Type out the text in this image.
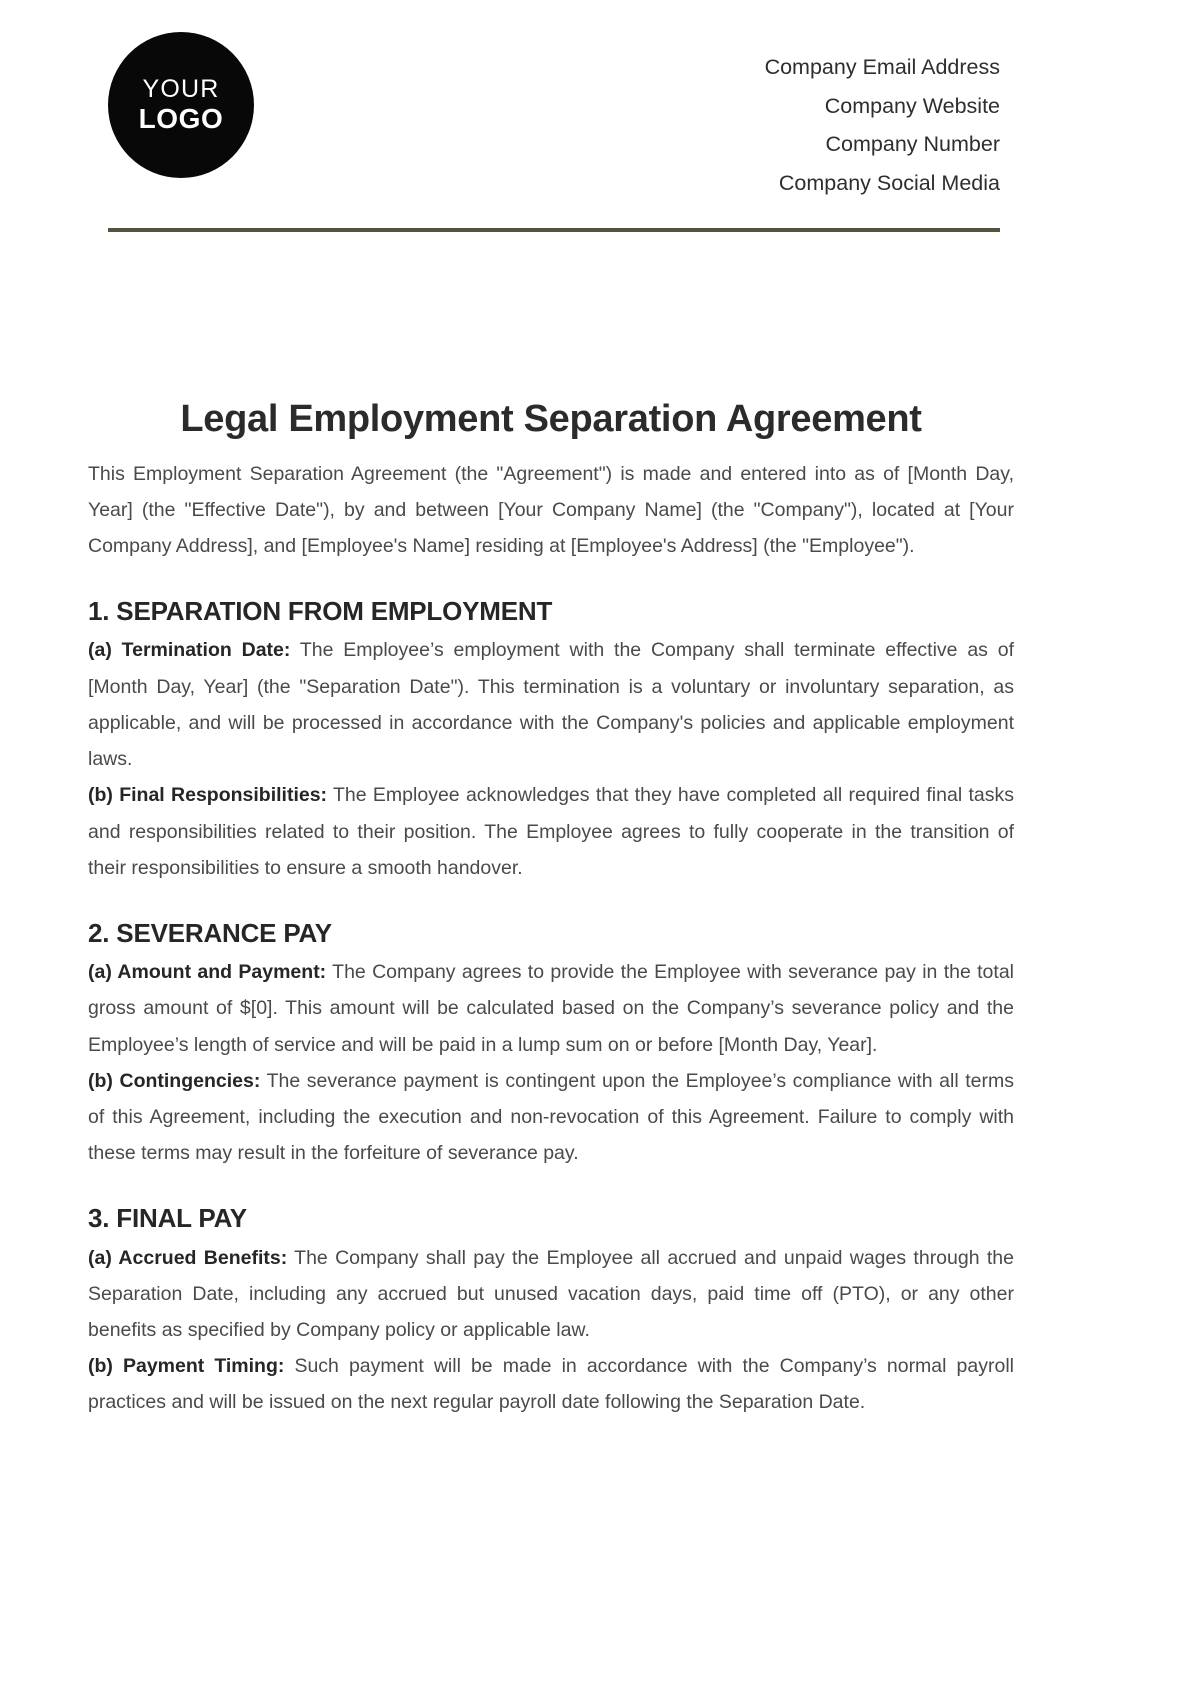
YOUR
LOGO
Company Email Address
Company Website
Company Number
Company Social Media
Legal Employment Separation Agreement

This Employment Separation Agreement (the "Agreement") is made and entered into as of [Month Day, Year] (the "Effective Date"), by and between [Your Company Name] (the "Company"), located at [Your Company Address], and [Employee's Name] residing at [Employee's Address] (the "Employee").

1. SEPARATION FROM EMPLOYMENT

(a) Termination Date: The Employee’s employment with the Company shall terminate effective as of [Month Day, Year] (the "Separation Date"). This termination is a voluntary or involuntary separation, as applicable, and will be processed in accordance with the Company's policies and applicable employment laws.

(b) Final Responsibilities: The Employee acknowledges that they have completed all required final tasks and responsibilities related to their position. The Employee agrees to fully cooperate in the transition of their responsibilities to ensure a smooth handover.

2. SEVERANCE PAY

(a) Amount and Payment: The Company agrees to provide the Employee with severance pay in the total gross amount of $[0]. This amount will be calculated based on the Company’s severance policy and the Employee’s length of service and will be paid in a lump sum on or before [Month Day, Year].

(b) Contingencies: The severance payment is contingent upon the Employee’s compliance with all terms of this Agreement, including the execution and non-revocation of this Agreement. Failure to comply with these terms may result in the forfeiture of severance pay.

3. FINAL PAY

(a) Accrued Benefits: The Company shall pay the Employee all accrued and unpaid wages through the Separation Date, including any accrued but unused vacation days, paid time off (PTO), or any other benefits as specified by Company policy or applicable law.

(b) Payment Timing: Such payment will be made in accordance with the Company’s normal payroll practices and will be issued on the next regular payroll date following the Separation Date.
